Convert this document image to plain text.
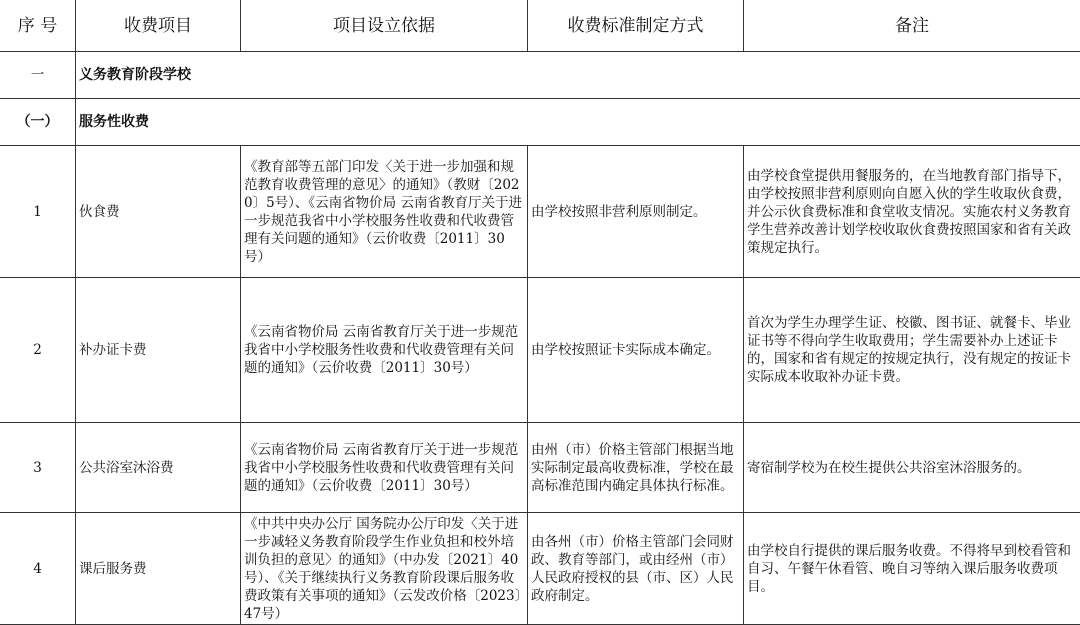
序 号	收费项目	项目设立依据	收费标准制定方式	备注
一	义务教育阶段学校			
（一）	服务性收费			
1	伙食费	《教育部等五部门印发〈关于进一步加强和规范教育收费管理的意见〉的通知》（教财〔2020〕5号）、《云南省物价局 云南省教育厅关于进一步规范我省中小学校服务性收费和代收费管理有关问题的通知》（云价收费〔2011〕30号）	由学校按照非营利原则制定。	由学校食堂提供用餐服务的，在当地教育部门指导下，由学校按照非营利原则向自愿入伙的学生收取伙食费，并公示伙食费标准和食堂收支情况。实施农村义务教育学生营养改善计划学校收取伙食费按照国家和省有关政策规定执行。
2	补办证卡费	《云南省物价局 云南省教育厅关于进一步规范我省中小学校服务性收费和代收费管理有关问题的通知》（云价收费〔2011〕30号）	由学校按照证卡实际成本确定。	首次为学生办理学生证、校徽、图书证、就餐卡、毕业证书等不得向学生收取费用；学生需要补办上述证卡的，国家和省有规定的按规定执行，没有规定的按证卡实际成本收取补办证卡费。
3	公共浴室沐浴费	《云南省物价局 云南省教育厅关于进一步规范我省中小学校服务性收费和代收费管理有关问题的通知》（云价收费〔2011〕30号）	由州（市）价格主管部门根据当地实际制定最高收费标准，学校在最高标准范围内确定具体执行标准。	寄宿制学校为在校生提供公共浴室沐浴服务的。
4	课后服务费	《中共中央办公厅 国务院办公厅印发〈关于进一步减轻义务教育阶段学生作业负担和校外培训负担的意见〉的通知》（中办发〔2021〕40号）、《关于继续执行义务教育阶段课后服务收费政策有关事项的通知》（云发改价格〔2023〕47号）	由各州（市）价格主管部门会同财政、教育等部门，或由经州（市）人民政府授权的县（市、区）人民政府制定。	由学校自行提供的课后服务收费。不得将早到校看管和自习、午餐午休看管、晚自习等纳入课后服务收费项目。
